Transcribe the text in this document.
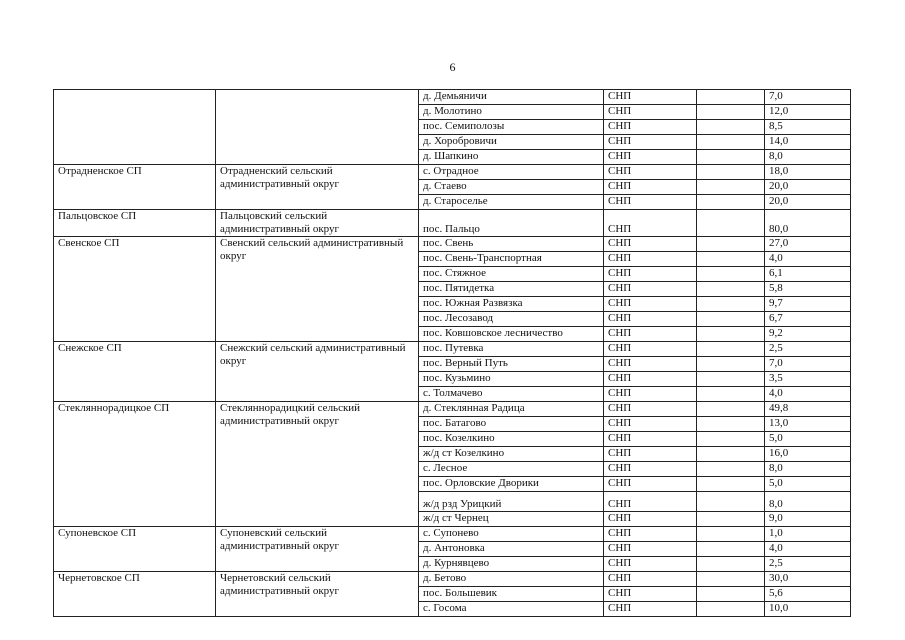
6
		д. Демьяничи	СНП		7,0
		д. Молотино	СНП		12,0
		пос. Семиполозы	СНП		8,5
		д. Хоробровичи	СНП		14,0
		д. Шапкино	СНП		8,0
Отрадненское СП	Отрадненский сельский административный округ	с. Отрадное	СНП		18,0
		д. Стаево	СНП		20,0
		д. Староселье	СНП		20,0
Пальцовское СП	Пальцовский сельский административный округ	пос. Пальцо	СНП		80,0
Свенское СП	Свенский сельский административный округ	пос. Свень	СНП		27,0
		пос. Свень-Транспортная	СНП		4,0
		пос. Стяжное	СНП		6,1
		пос. Пятидетка	СНП		5,8
		пос. Южная Развязка	СНП		9,7
		пос. Лесозавод	СНП		6,7
		пос. Ковшовское лесничество	СНП		9,2
Снежское СП	Снежский сельский административный округ	пос. Путевка	СНП		2,5
		пос. Верный Путь	СНП		7,0
		пос. Кузьмино	СНП		3,5
		с. Толмачево	СНП		4,0
Стекляннорадицкое СП	Стекляннорадицкий сельский административный округ	д. Стеклянная Радица	СНП		49,8
		пос. Батагово	СНП		13,0
		пос. Козелкино	СНП		5,0
		ж/д ст Козелкино	СНП		16,0
		с. Лесное	СНП		8,0
		пос. Орловские Дворики	СНП		5,0
		ж/д рзд Урицкий	СНП		8,0
		ж/д ст Чернец	СНП		9,0
Супоневское СП	Супоневский сельский административный округ	с. Супонево	СНП		1,0
		д. Антоновка	СНП		4,0
		д. Курнявцево	СНП		2,5
Чернетовское СП	Чернетовский сельский административный округ	д. Бетово	СНП		30,0
		пос. Большевик	СНП		5,6
		с. Госома	СНП		10,0
